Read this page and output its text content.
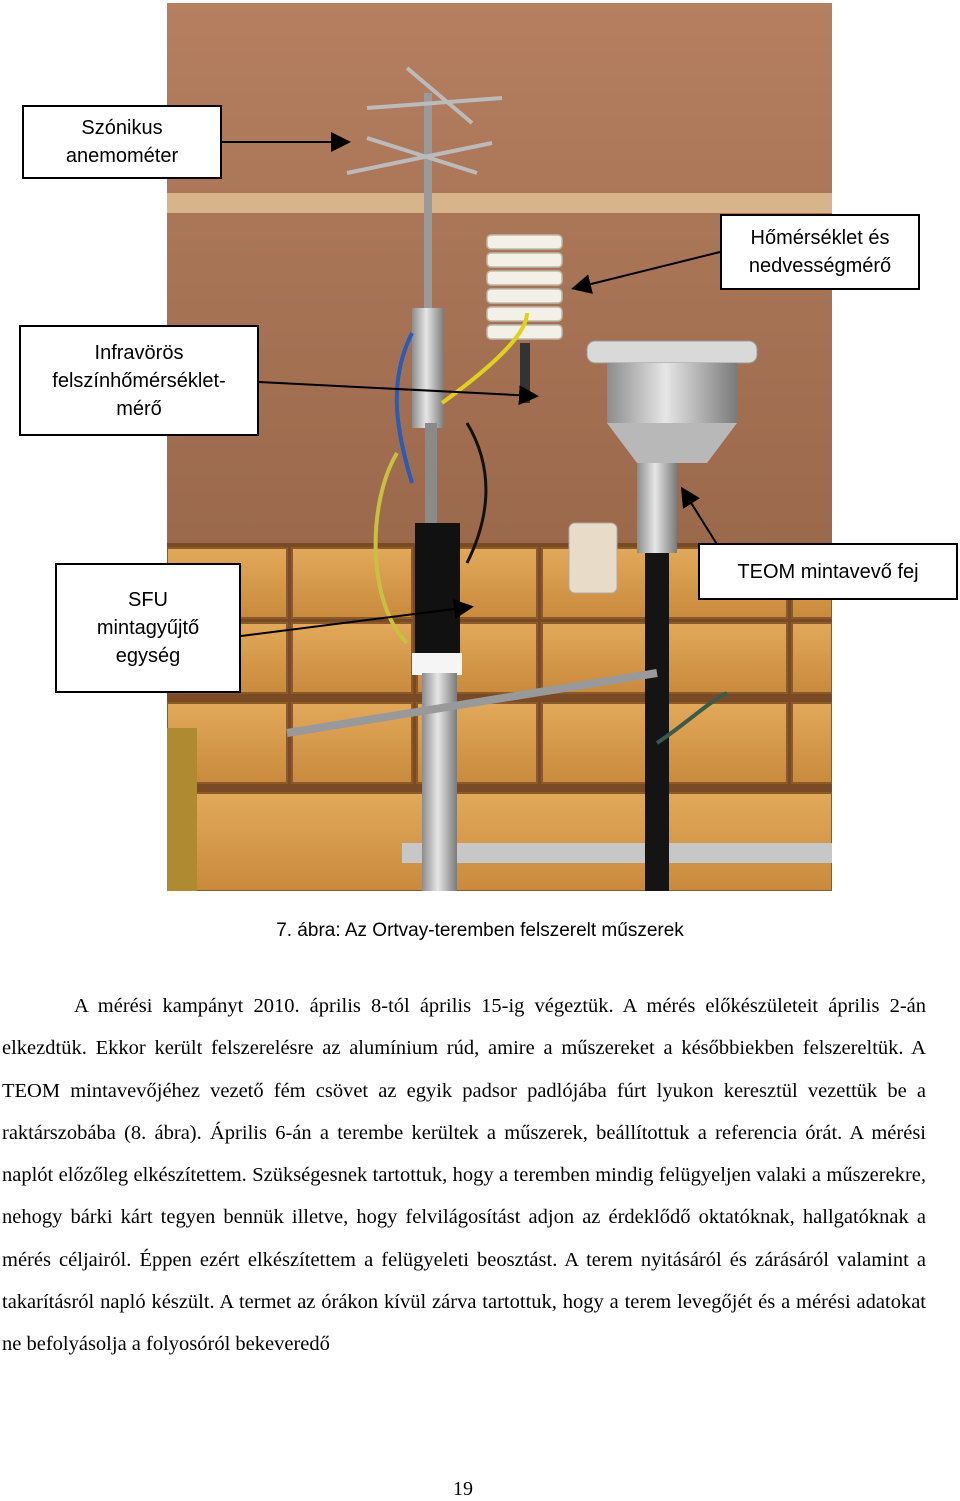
Szónikus
anemométer
Hőmérséklet és
nedvességmérő
Infravörös
felszínhőmérséklet-
mérő
SFU
mintagyűjtő
egység
TEOM mintavevő fej
7. ábra: Az Ortvay-teremben felszerelt műszerek

A mérési kampányt 2010. április 8-tól április 15-ig végeztük. A mérés előkészületeit április 2-án elkezdtük. Ekkor került felszerelésre az alumínium rúd, amire a műszereket a későbbiekben felszereltük. A TEOM mintavevőjéhez vezető fém csövet az egyik padsor padlójába fúrt lyukon keresztül vezettük be a raktárszobába (8. ábra). Április 6-án a terembe kerültek a műszerek, beállítottuk a referencia órát. A mérési naplót előzőleg elkészítettem. Szükségesnek tartottuk, hogy a teremben mindig felügyeljen valaki a műszerekre, nehogy bárki kárt tegyen bennük illetve, hogy felvilágosítást adjon az érdeklődő oktatóknak, hallgatóknak a mérés céljairól. Éppen ezért elkészítettem a felügyeleti beosztást. A terem nyitásáról és zárásáról valamint a takarításról napló készült. A termet az órákon kívül zárva tartottuk, hogy a terem levegőjét és a mérési adatokat ne befolyásolja a folyosóról bekeveredő

19
